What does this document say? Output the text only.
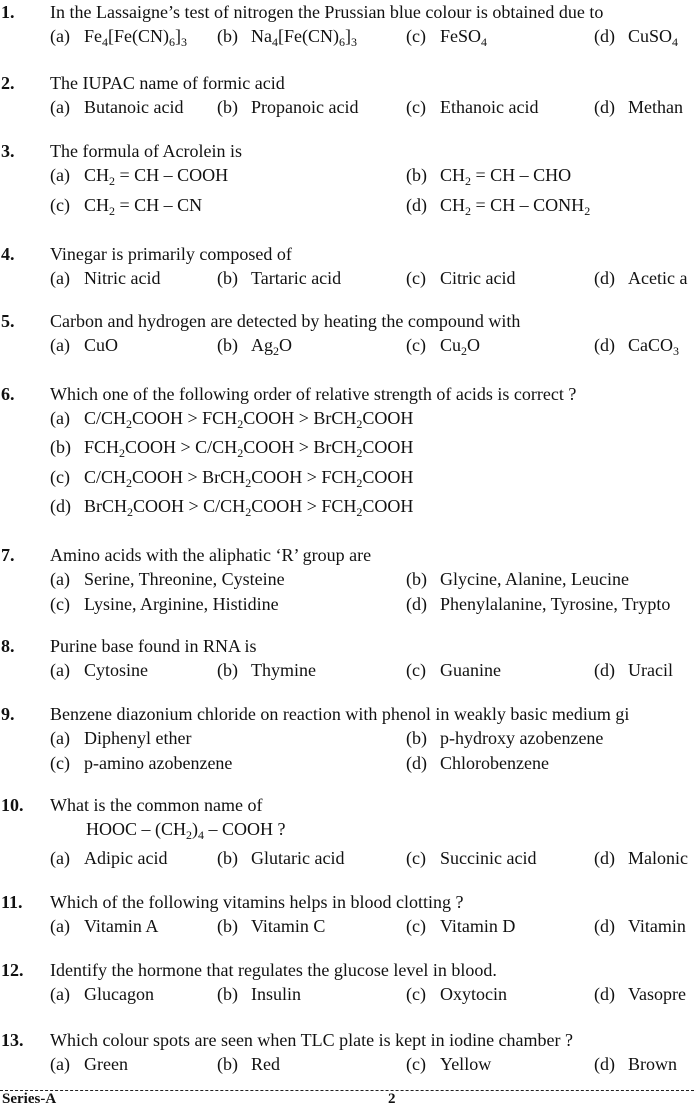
1. In the Lassaigne’s test of nitrogen the Prussian blue colour is obtained due to
(a) $Fe_4[Fe(CN)_6]_3$ (b) $Na_4[Fe(CN)_6]_3$	(c) FeSO$_4$	(d) CuSO$_4$
2. The IUPAC name of formic acid
(a) Butanoic acid (b) Propanoic acid	(c) Ethanoic acid	(d) Methan
3. The formula of Acrolein is
(a) $CH_2$ = CH – COOH	(b) $CH_2$ = CH – CHO
(c) $CH_2$ = CH – CN	(d) $CH_2$ = CH – $CONH_2$
4. Vinegar is primarily composed of
(a) Nitric acid	(b) Tartaric acid	(c) Citric acid	(d) Acetic a
5. Carbon and hydrogen are detected by heating the compound with
(a) CuO	(b) $Ag_2O$	(c) $Cu_2O$	(d) CaCO$_3$
6. Which one of the following order of relative strength of acids is correct ?
(a) $C/CH_2COOH$ > $FCH_2COOH$ > BrCH$_2$COOH
(b) $FCH_2COOH$ > $C/CH_2COOH$ > BrCH$_2$COOH
(c) $C/CH_2COOH$ > BrCH$_2$COOH > $FCH_2COOH$
(d) BrCH$_2$COOH > $C/CH_2COOH$ > $FCH_2COOH$
7. Amino acids with the aliphatic ‘R’ group are
(a) Serine, Threonine, Cysteine	(b) Glycine, Alanine, Leucine
(c) Lysine, Arginine, Histidine	(d) Phenylalanine, Tyrosine, Trypto
8. Purine base found in RNA is
(a) Cytosine	(b) Thymine	(c) Guanine	(d) Uracil
9. Benzene diazonium chloride on reaction with phenol in weakly basic medium gi
(a) Diphenyl ether	(b) p-hydroxy azobenzene
(c) p-amino azobenzene	(d) Chlorobenzene
10. What is the common name of
HOOC – $(CH_2)_4$ – COOH ?
(a) Adipic acid	(b) Glutaric acid	(c) Succinic acid	(d) Malonic
11. Which of the following vitamins helps in blood clotting ?
(a) Vitamin A	(b) Vitamin C	(c) Vitamin D	(d) Vitamin
12. Identify the hormone that regulates the glucose level in blood.
(a) Glucagon	(b) Insulin	(c) Oxytocin	(d) Vasopre
13. Which colour spots are seen when TLC plate is kept in iodine chamber ?
(a) Green	(b) Red	(c) Yellow	(d) Brown
Series-A	2
